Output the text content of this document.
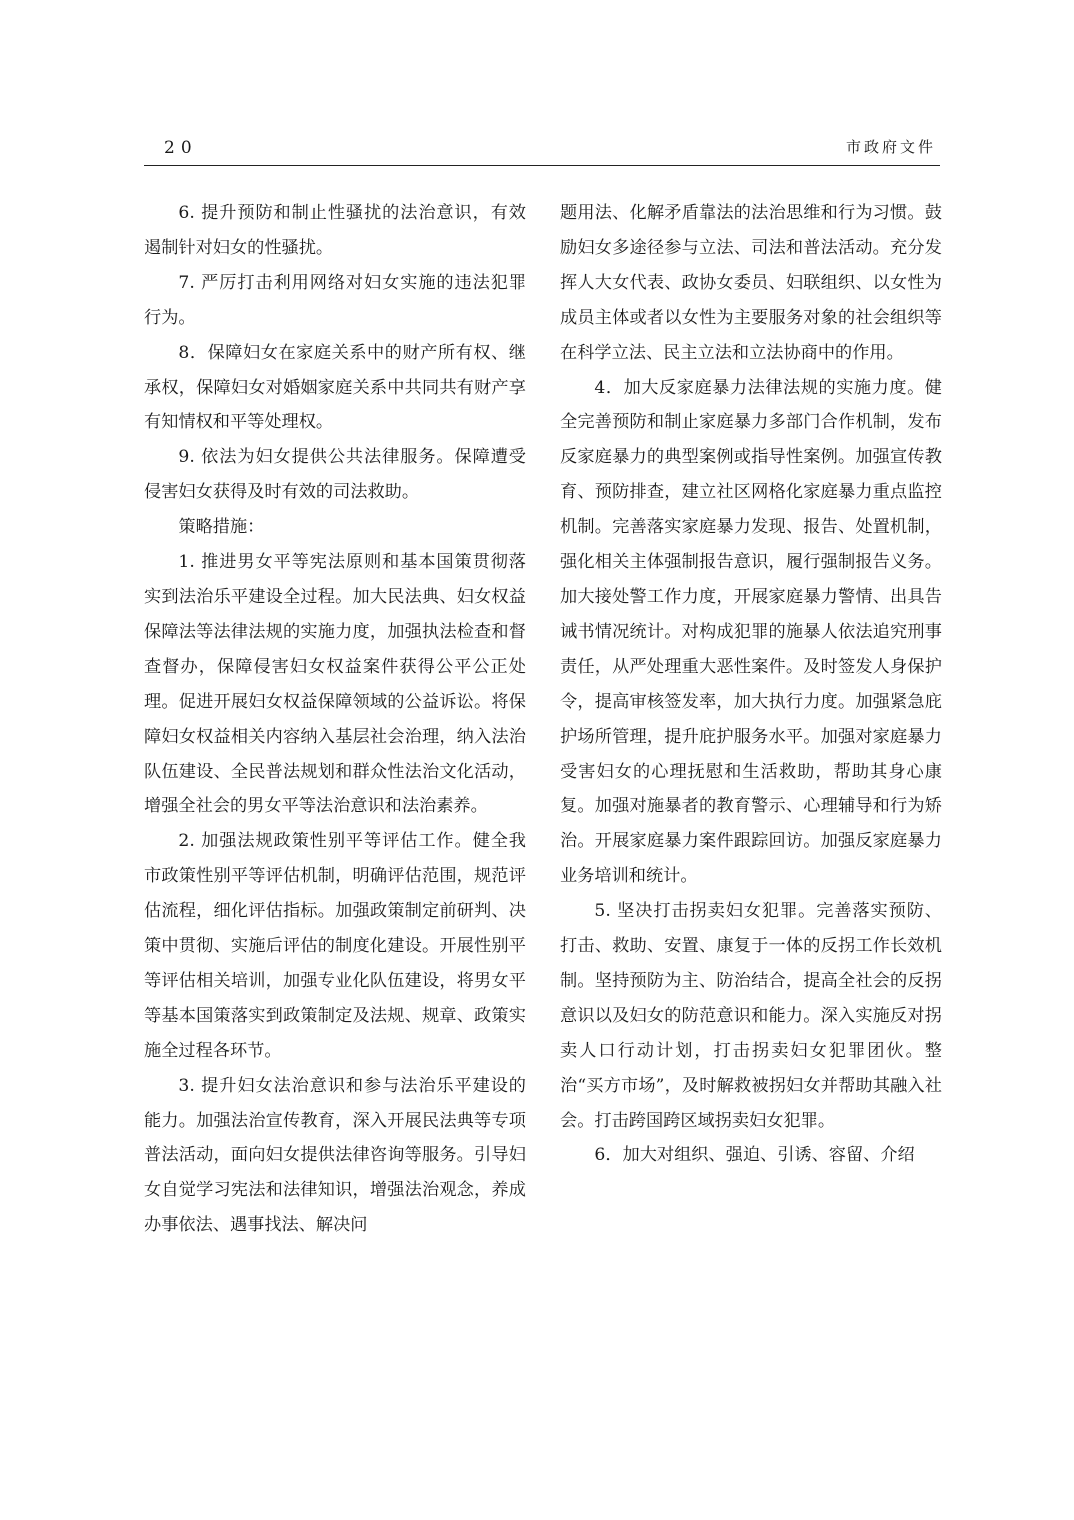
20	市政府文件

6. 提升预防和制止性骚扰的法治意识，有效遏制针对妇女的性骚扰。

7. 严厉打击利用网络对妇女实施的违法犯罪行为。

8．保障妇女在家庭关系中的财产所有权、继承权，保障妇女对婚姻家庭关系中共同共有财产享有知情权和平等处理权。

9. 依法为妇女提供公共法律服务。保障遭受侵害妇女获得及时有效的司法救助。

策略措施：

1. 推进男女平等宪法原则和基本国策贯彻落实到法治乐平建设全过程。加大民法典、妇女权益保障法等法律法规的实施力度，加强执法检查和督查督办，保障侵害妇女权益案件获得公平公正处理。促进开展妇女权益保障领域的公益诉讼。将保障妇女权益相关内容纳入基层社会治理，纳入法治队伍建设、全民普法规划和群众性法治文化活动，增强全社会的男女平等法治意识和法治素养。

2. 加强法规政策性别平等评估工作。健全我市政策性别平等评估机制，明确评估范围，规范评估流程，细化评估指标。加强政策制定前研判、决策中贯彻、实施后评估的制度化建设。开展性别平等评估相关培训，加强专业化队伍建设，将男女平等基本国策落实到政策制定及法规、规章、政策实施全过程各环节。

3. 提升妇女法治意识和参与法治乐平建设的能力。加强法治宣传教育，深入开展民法典等专项普法活动，面向妇女提供法律咨询等服务。引导妇女自觉学习宪法和法律知识，增强法治观念，养成办事依法、遇事找法、解决问

题用法、化解矛盾靠法的法治思维和行为习惯。鼓励妇女多途径参与立法、司法和普法活动。充分发挥人大女代表、政协女委员、妇联组织、以女性为成员主体或者以女性为主要服务对象的社会组织等在科学立法、民主立法和立法协商中的作用。

4．加大反家庭暴力法律法规的实施力度。健全完善预防和制止家庭暴力多部门合作机制，发布反家庭暴力的典型案例或指导性案例。加强宣传教育、预防排查，建立社区网格化家庭暴力重点监控机制。完善落实家庭暴力发现、报告、处置机制，强化相关主体强制报告意识，履行强制报告义务。 加大接处警工作力度，开展家庭暴力警情、出具告诫书情况统计。对构成犯罪的施暴人依法追究刑事责任，从严处理重大恶性案件。及时签发人身保护令，提高审核签发率，加大执行力度。加强紧急庇护场所管理，提升庇护服务水平。加强对家庭暴力受害妇女的心理抚慰和生活救助，帮助其身心康复。加强对施暴者的教育警示、心理辅导和行为矫治。开展家庭暴力案件跟踪回访。加强反家庭暴力业务培训和统计。

5. 坚决打击拐卖妇女犯罪。完善落实预防、打击、救助、安置、康复于一体的反拐工作长效机制。坚持预防为主、防治结合，提高全社会的反拐意识以及妇女的防范意识和能力。深入实施反对拐卖人口行动计划，打击拐卖妇女犯罪团伙。整治“买方市场”，及时解救被拐妇女并帮助其融入社会。打击跨国跨区域拐卖妇女犯罪。

6．加大对组织、强迫、引诱、容留、介绍
